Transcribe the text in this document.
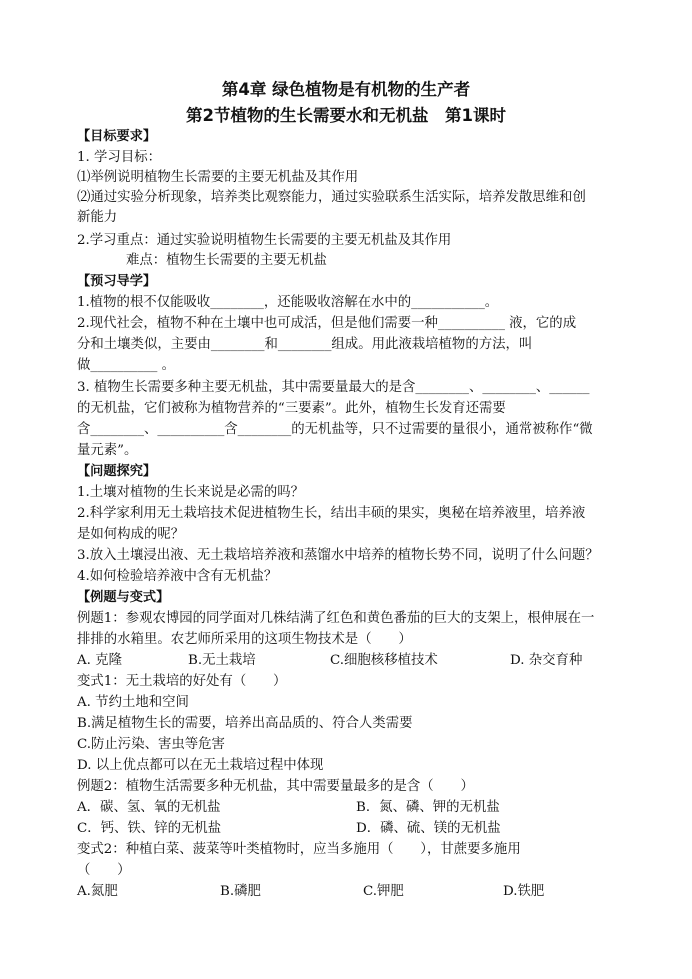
第4章 绿色植物是有机物的生产者
第2节植物的生长需要水和无机盐　第1课时
【目标要求】
1. 学习目标：
⑴举例说明植物生长需要的主要无机盐及其作用
⑵通过实验分析现象，培养类比观察能力，通过实验联系生活实际，培养发散思维和创
新能力
2.学习重点：通过实验说明植物生长需要的主要无机盐及其作用
难点：植物生长需要的主要无机盐
【预习导学】
1.植物的根不仅能吸收________，还能吸收溶解在水中的___________。
2.现代社会，植物不种在土壤中也可成活，但是他们需要一种__________ 液，它的成
分和土壤类似，主要由________和________组成。用此液栽培植物的方法，叫
做__________ 。
3. 植物生长需要多种主要无机盐，其中需要量最大的是含________、________、______
的无机盐，它们被称为植物营养的“三要素”。此外，植物生长发育还需要
含________、__________含________的无机盐等，只不过需要的量很小，通常被称作“微
量元素”。
【问题探究】
1.土壤对植物的生长来说是必需的吗？
2.科学家利用无土栽培技术促进植物生长，结出丰硕的果实，奥秘在培养液里，培养液
是如何构成的呢？
3.放入土壤浸出液、无土栽培培养液和蒸馏水中培养的植物长势不同，说明了什么问题？
4.如何检验培养液中含有无机盐？
【例题与变式】
例题1：参观农博园的同学面对几株结满了红色和黄色番茄的巨大的支架上，根伸展在一
排排的水箱里。农艺师所采用的这项生物技术是（　　）
A. 克隆	B.无土栽培	C.细胞核移植技术	D. 杂交育种
变式1：无土栽培的好处有（　　）
A. 节约土地和空间
B.满足植物生长的需要，培养出高品质的、符合人类需要
C.防止污染、害虫等危害
D. 以上优点都可以在无土栽培过程中体现
例题2：植物生活需要多种无机盐，其中需要量最多的是含（　　）
A．碳、氢、氧的无机盐	B．氮、磷、钾的无机盐
C．钙、铁、锌的无机盐	D．磷、硫、镁的无机盐
变式2：种植白菜、菠菜等叶类植物时，应当多施用（　　），甘蔗要多施用
（　　）
A.氮肥	B.磷肥	C.钾肥	D.铁肥
